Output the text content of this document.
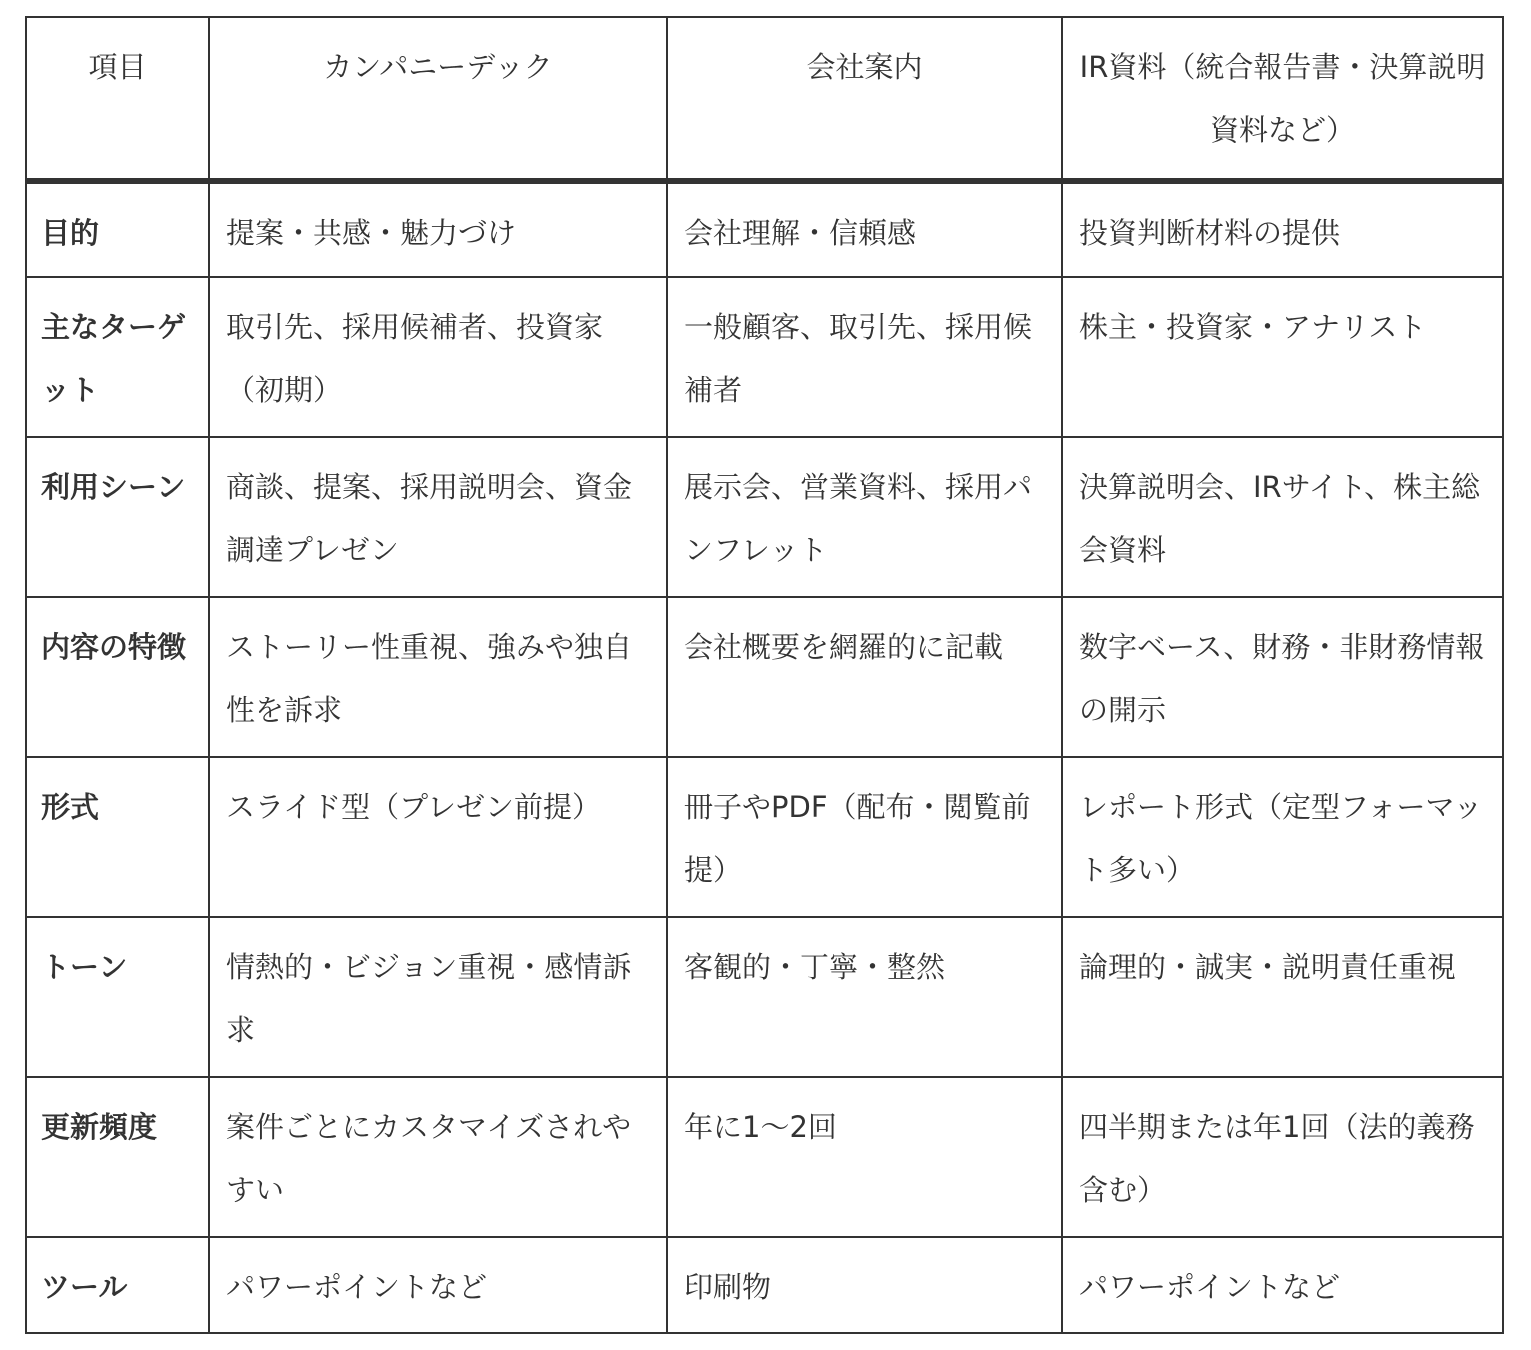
項目	カンパニーデック	会社案内	IR資料（統合報告書・決算説明資料など）
目的	提案・共感・魅力づけ	会社理解・信頼感	投資判断材料の提供
主なターゲット	取引先、採用候補者、投資家（初期）	一般顧客、取引先、採用候補者	株主・投資家・アナリスト
利用シーン	商談、提案、採用説明会、資金調達プレゼン	展示会、営業資料、採用パンフレット	決算説明会、IRサイト、株主総会資料
内容の特徴	ストーリー性重視、強みや独自性を訴求	会社概要を網羅的に記載	数字ベース、財務・非財務情報の開示
形式	スライド型（プレゼン前提）	冊子やPDF（配布・閲覧前提）	レポート形式（定型フォーマット多い）
トーン	情熱的・ビジョン重視・感情訴求	客観的・丁寧・整然	論理的・誠実・説明責任重視
更新頻度	案件ごとにカスタマイズされやすい	年に1～2回	四半期または年1回（法的義務含む）
ツール	パワーポイントなど	印刷物	パワーポイントなど
